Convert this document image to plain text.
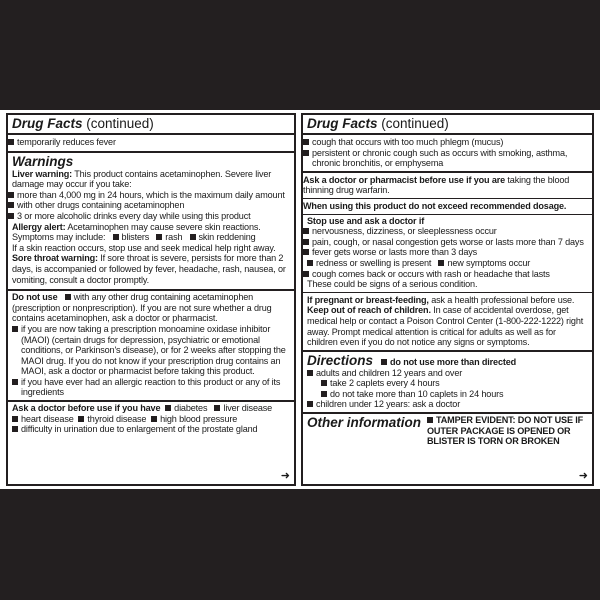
Drug Facts (continued)
temporarily reduces fever
Warnings
Liver warning: This product contains acetaminophen. Severe liver damage may occur if you take:
more than 4,000 mg in 24 hours, which is the maximum daily amount
with other drugs containing acetaminophen
3 or more alcoholic drinks every day while using this product
Allergy alert: Acetaminophen may cause severe skin reactions.
Symptoms may include: blisters rash skin reddening
If a skin reaction occurs, stop use and seek medical help right away.
Sore throat warning: If sore throat is severe, persists for more than 2 days, is accompanied or followed by fever, headache, rash, nausea, or vomiting, consult a doctor promptly.
Do not use with any other drug containing acetaminophen (prescription or nonprescription). If you are not sure whether a drug contains acetaminophen, ask a doctor or pharmacist.
if you are now taking a prescription monoamine oxidase inhibitor (MAOI) (certain drugs for depression, psychiatric or emotional conditions, or Parkinson's disease), or for 2 weeks after stopping the MAOI drug. If you do not know if your prescription drug contains an MAOI, ask a doctor or pharmacist before taking this product.
if you have ever had an allergic reaction to this product or any of its ingredients
Ask a doctor before use if you have diabetes liver disease
heart disease thyroid disease high blood pressure
difficulty in urination due to enlargement of the prostate gland
➜
Drug Facts (continued)
cough that occurs with too much phlegm (mucus)
persistent or chronic cough such as occurs with smoking, asthma, chronic bronchitis, or emphysema
Ask a doctor or pharmacist before use if you are taking the blood thinning drug warfarin.
When using this product do not exceed recommended dosage.
Stop use and ask a doctor if
nervousness, dizziness, or sleeplessness occur
pain, cough, or nasal congestion gets worse or lasts more than 7 days
fever gets worse or lasts more than 3 days
redness or swelling is present new symptoms occur
cough comes back or occurs with rash or headache that lasts
These could be signs of a serious condition.
If pregnant or breast-feeding, ask a health professional before use.
Keep out of reach of children. In case of accidental overdose, get medical help or contact a Poison Control Center (1-800-222-1222) right away. Prompt medical attention is critical for adults as well as for children even if you do not notice any signs or symptoms.
Directions	do not use more than directed
adults and children 12 years and over
take 2 caplets every 4 hours
do not take more than 10 caplets in 24 hours
children under 12 years: ask a doctor
Other information	TAMPER EVIDENT: DO NOT USE IF OUTER PACKAGE IS OPENED OR BLISTER IS TORN OR BROKEN
➜
